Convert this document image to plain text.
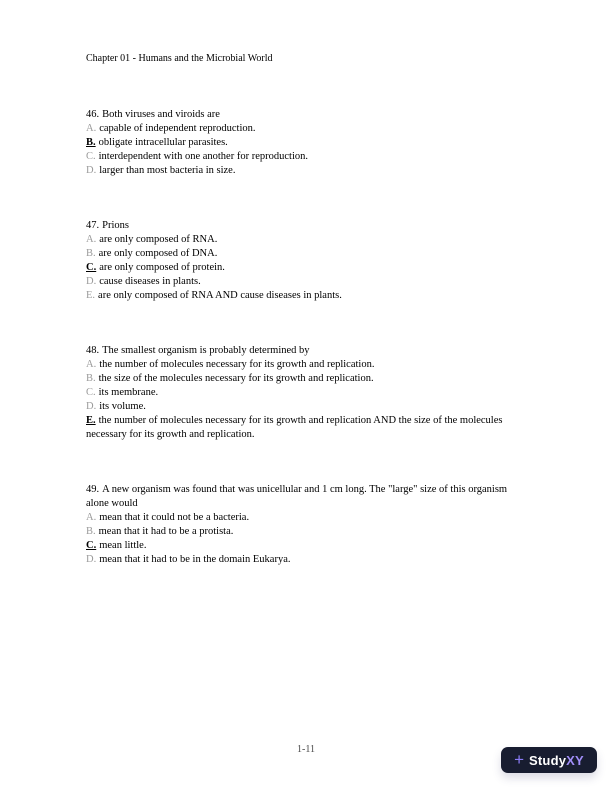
Chapter 01 - Humans and the Microbial World
46. Both viruses and viroids are
A. capable of independent reproduction.
B. obligate intracellular parasites.
C. interdependent with one another for reproduction.
D. larger than most bacteria in size.
47. Prions
A. are only composed of RNA.
B. are only composed of DNA.
C. are only composed of protein.
D. cause diseases in plants.
E. are only composed of RNA AND cause diseases in plants.
48. The smallest organism is probably determined by
A. the number of molecules necessary for its growth and replication.
B. the size of the molecules necessary for its growth and replication.
C. its membrane.
D. its volume.
E. the number of molecules necessary for its growth and replication AND the size of the molecules necessary for its growth and replication.
49. A new organism was found that was unicellular and 1 cm long. The "large" size of this organism alone would
A. mean that it could not be a bacteria.
B. mean that it had to be a protista.
C. mean little.
D. mean that it had to be in the domain Eukarya.
1-11	+ StudyXY
